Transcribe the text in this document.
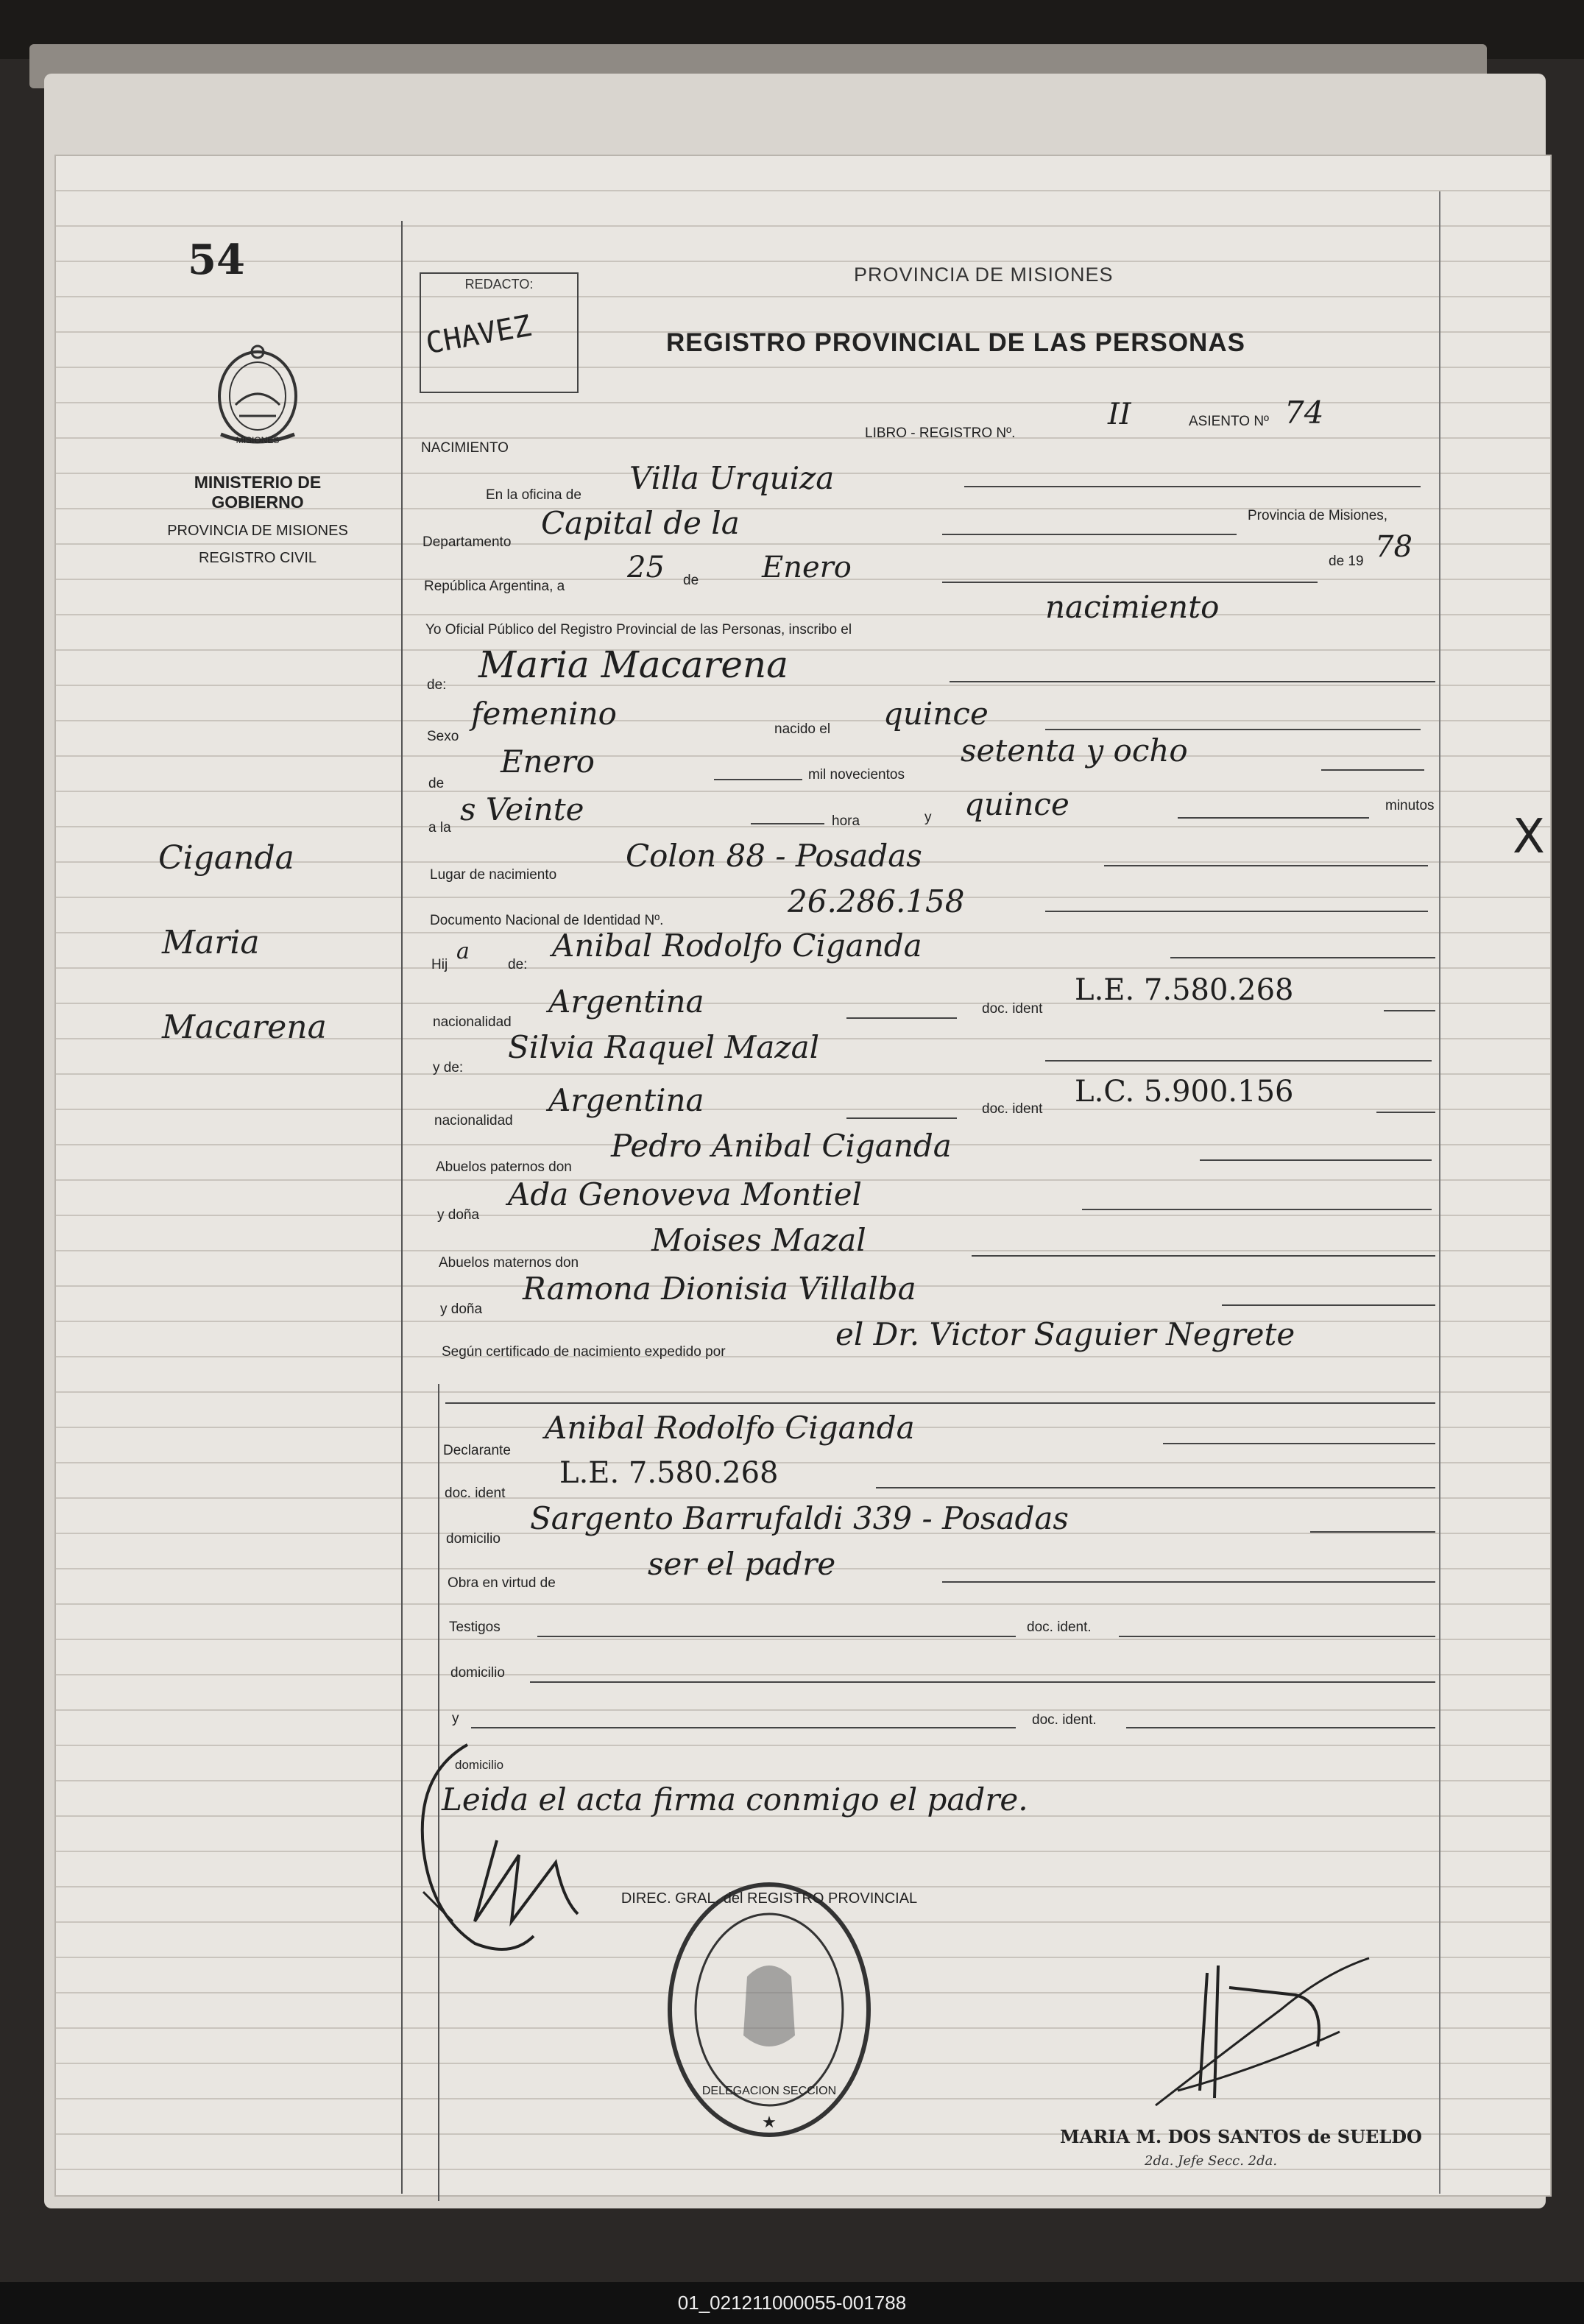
54
MISIONES
MINISTERIO DE GOBIERNO
PROVINCIA DE MISIONES
REGISTRO CIVIL
REDACTO:
CHAVEZ
PROVINCIA DE MISIONES
REGISTRO PROVINCIAL DE LAS PERSONAS
NACIMIENTO
LIBRO - REGISTRO Nº.
II	ASIENTO Nº 74
En la oficina de Villa Urquiza
Departamento
Capital de la	Provincia de Misiones,
República Argentina, a
25 de Enero	de 19 78
Yo Oficial Público del Registro Provincial de las Personas, inscribo el
nacimiento
de: Maria Macarena
Sexo
femenino	nacido el quince
de
Enero	mil novecientos
setenta y ocho
a la
s Veinte	hora	y quince	minutos
Lugar de nacimiento
Colon 88 - Posadas
Documento Nacional de Identidad Nº.
26.286.158
Hij
a
de:
Anibal Rodolfo Ciganda
nacionalidad
Argentina	doc. ident
L.E. 7.580.268
y de:
Silvia Raquel Mazal
nacionalidad
Argentina	doc. ident
L.C. 5.900.156
Abuelos paternos don
Pedro Anibal Ciganda
y doña
Ada Genoveva Montiel
Abuelos maternos don
Moises Mazal
y doña
Ramona Dionisia Villalba
Según certificado de nacimiento expedido por	el Dr. Victor Saguier Negrete
Declarante
Anibal Rodolfo Ciganda
doc. ident
L.E. 7.580.268
domicilio
Sargento Barrufaldi 339 - Posadas
Obra en virtud de
ser el padre
Testigos	doc. ident.
domicilio
y	doc. ident.
domicilio
Leida el acta firma conmigo el padre.
Ciganda
Maria
Macarena
DIREC. GRAL. del REGISTRO PROVINCIAL
DELEGACION SECCION
★
MARIA M. DOS SANTOS de SUELDO
2da. Jefe Secc. 2da.
X
01_021211000055-001788
